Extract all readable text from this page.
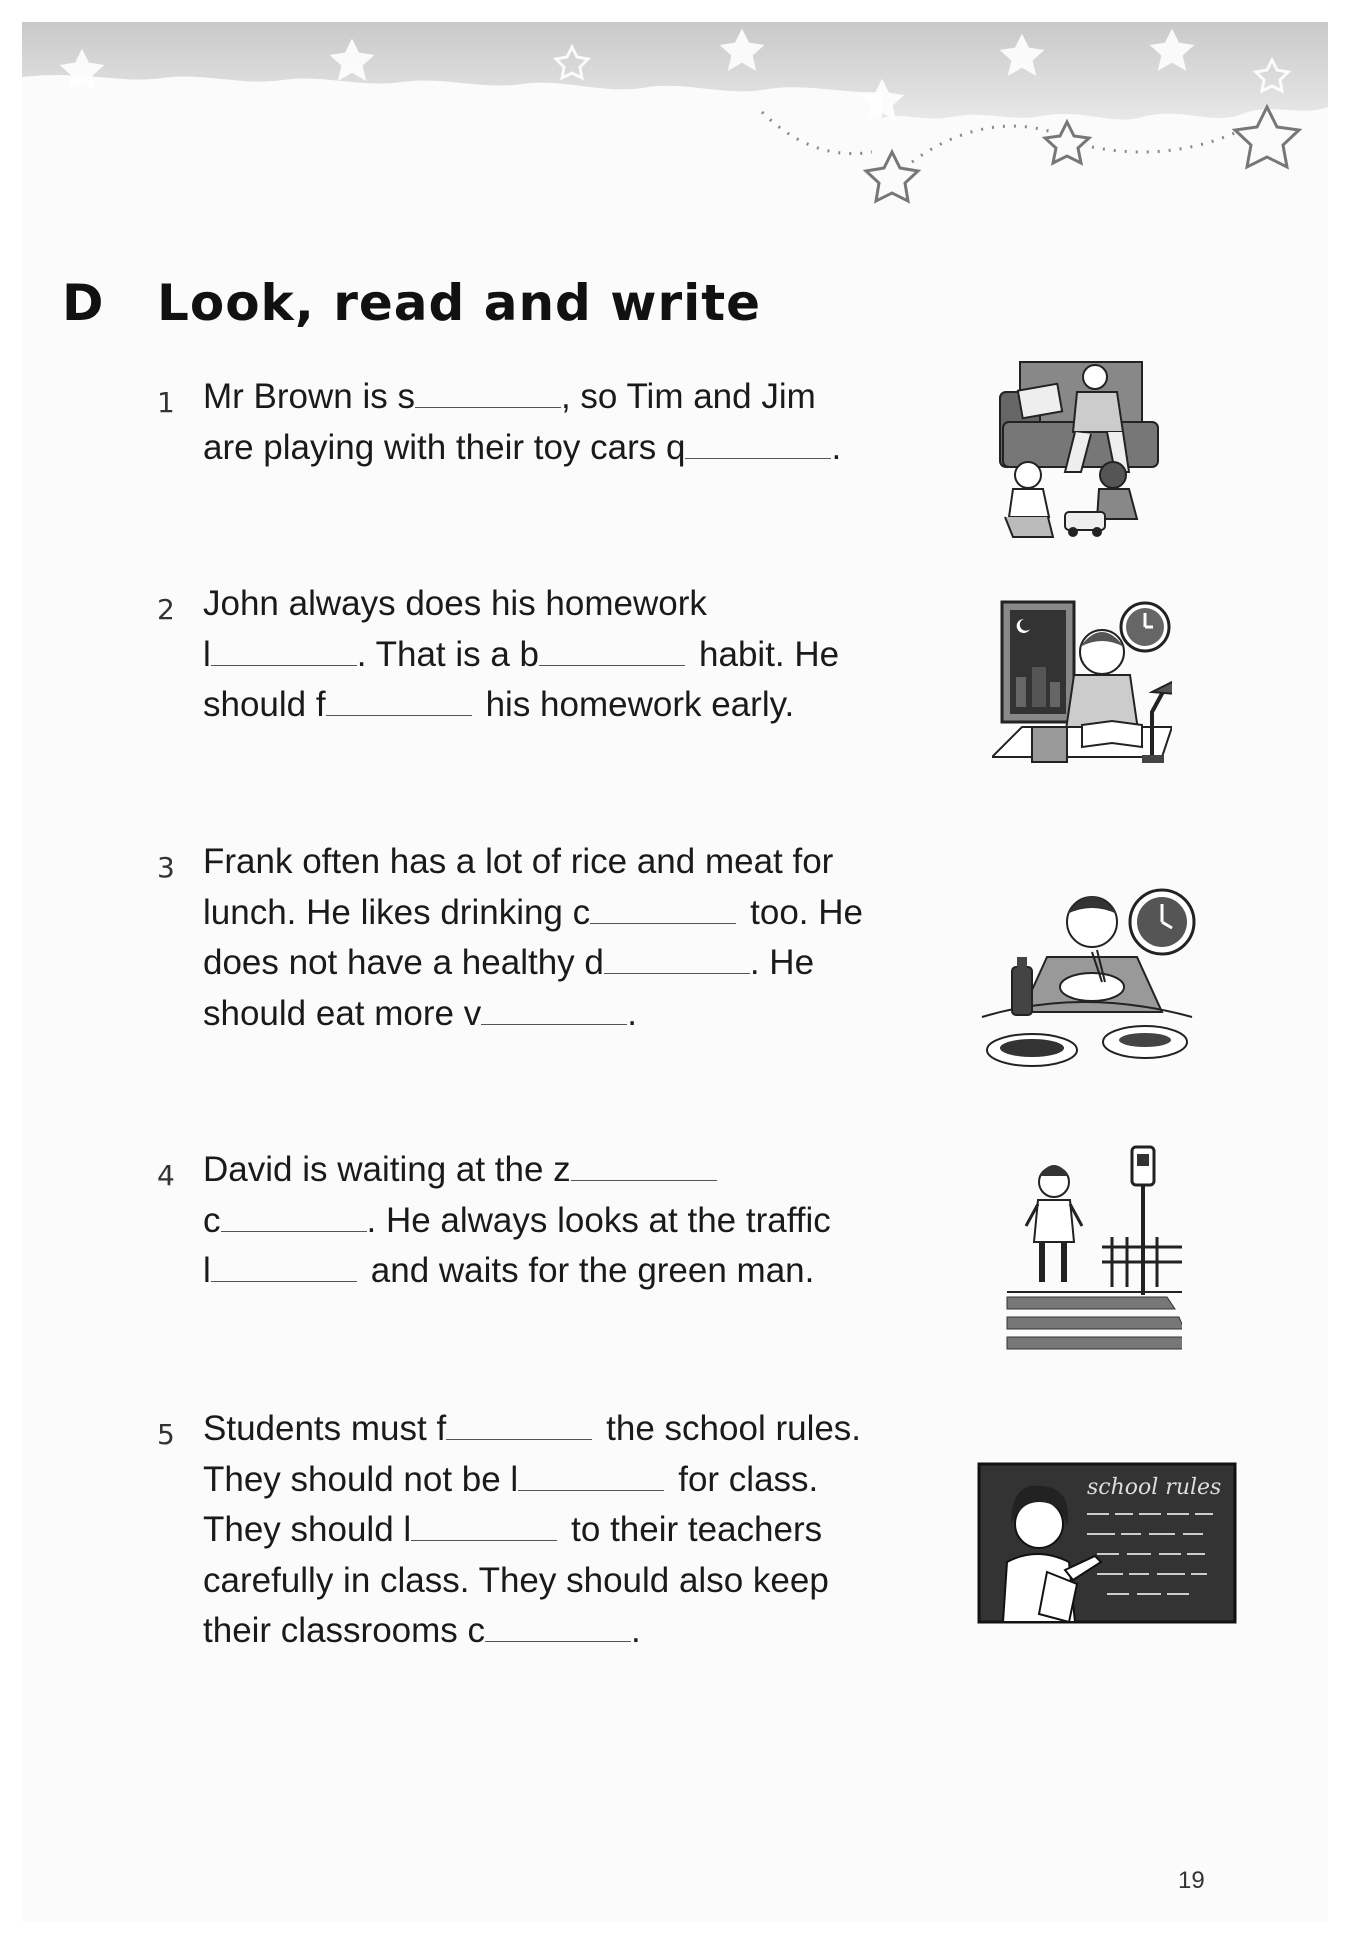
D Look, read and write
1 Mr Brown is s	, so Tim and Jim
are playing with their toy cars q	.
2 John always does his homework
l	. That is a b	habit. He
should f	his homework early.
3 Frank often has a lot of rice and meat for
lunch. He likes drinking c	too. He
does not have a healthy d	. He
should eat more v	.
4 David is waiting at the z
c	. He always looks at the traffic
l	and waits for the green man.
5 Students must f	the school rules.
They should not be l	for class.
They should l	to their teachers
carefully in class. They should also keep
their classrooms c	.
school rules
19
